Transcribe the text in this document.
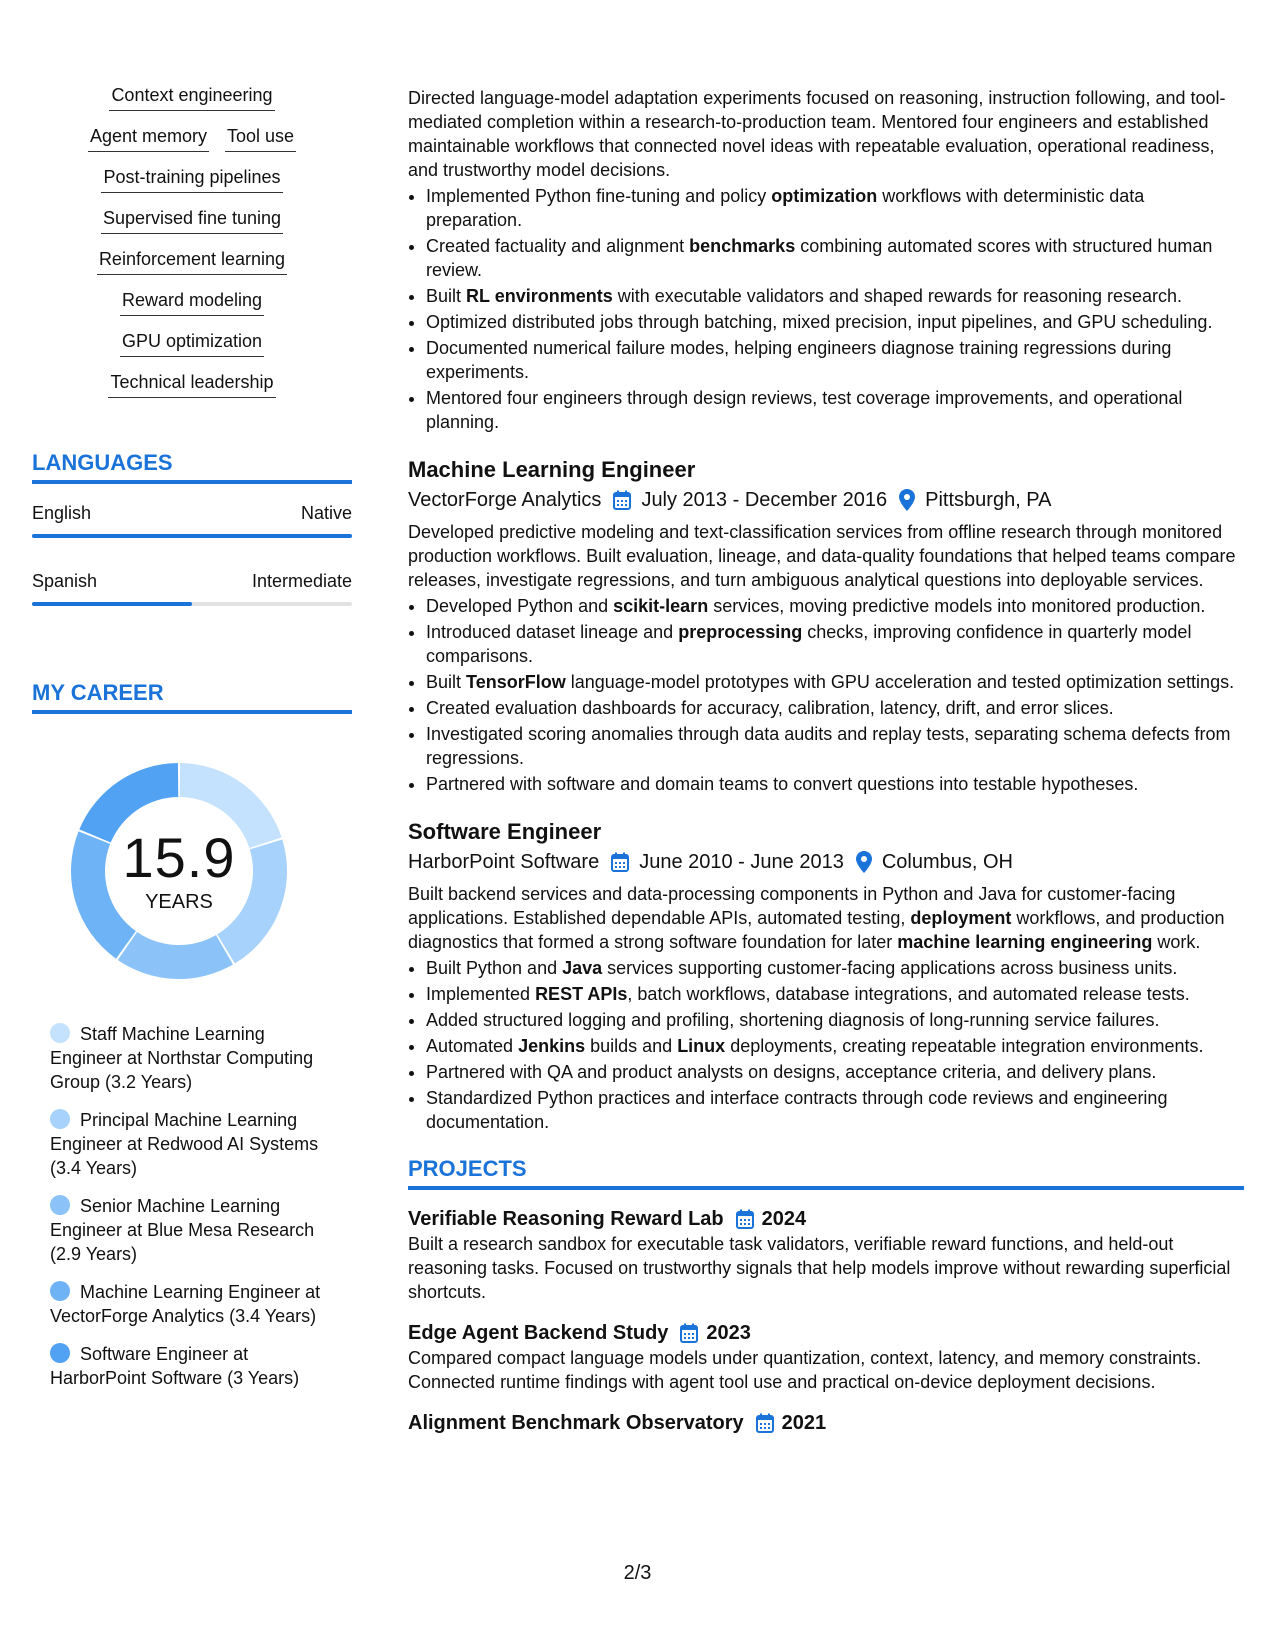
Context engineering
Agent memory Tool use
Post-training pipelines
Supervised fine tuning
Reinforcement learning
Reward modeling
GPU optimization
Technical leadership
LANGUAGES
English	Native
Spanish	Intermediate
MY CAREER
15.9
YEARS
Staff Machine Learning Engineer at Northstar Computing Group (3.2 Years)
Principal Machine Learning Engineer at Redwood AI Systems (3.4 Years)
Senior Machine Learning Engineer at Blue Mesa Research (2.9 Years)
Machine Learning Engineer at VectorForge Analytics (3.4 Years)
Software Engineer at HarborPoint Software (3 Years)

Directed language-model adaptation experiments focused on reasoning, instruction following, and tool-mediated completion within a research-to-production team. Mentored four engineers and established maintainable workflows that connected novel ideas with repeatable evaluation, operational readiness, and trustworthy model decisions.

• Implemented Python fine-tuning and policy optimization workflows with deterministic data preparation.
• Created factuality and alignment benchmarks combining automated scores with structured human review.
• Built RL environments with executable validators and shaped rewards for reasoning research.
• Optimized distributed jobs through batching, mixed precision, input pipelines, and GPU scheduling.
• Documented numerical failure modes, helping engineers diagnose training regressions during experiments.
• Mentored four engineers through design reviews, test coverage improvements, and operational planning.
Machine Learning Engineer
VectorForge Analytics July 2013 - December 2016 Pittsburgh, PA

Developed predictive modeling and text-classification services from offline research through monitored production workflows. Built evaluation, lineage, and data-quality foundations that helped teams compare releases, investigate regressions, and turn ambiguous analytical questions into deployable services.

• Developed Python and scikit-learn services, moving predictive models into monitored production.
• Introduced dataset lineage and preprocessing checks, improving confidence in quarterly model comparisons.
• Built TensorFlow language-model prototypes with GPU acceleration and tested optimization settings.
• Created evaluation dashboards for accuracy, calibration, latency, drift, and error slices.
• Investigated scoring anomalies through data audits and replay tests, separating schema defects from regressions.
• Partnered with software and domain teams to convert questions into testable hypotheses.
Software Engineer
HarborPoint Software June 2010 - June 2013 Columbus, OH

Built backend services and data-processing components in Python and Java for customer-facing applications. Established dependable APIs, automated testing, deployment workflows, and production diagnostics that formed a strong software foundation for later machine learning engineering work.

• Built Python and Java services supporting customer-facing applications across business units.
• Implemented REST APIs, batch workflows, database integrations, and automated release tests.
• Added structured logging and profiling, shortening diagnosis of long-running service failures.
• Automated Jenkins builds and Linux deployments, creating repeatable integration environments.
• Partnered with QA and product analysts on designs, acceptance criteria, and delivery plans.
• Standardized Python practices and interface contracts through code reviews and engineering documentation.
PROJECTS
Verifiable Reasoning Reward Lab 2024

Built a research sandbox for executable task validators, verifiable reward functions, and held-out reasoning tasks. Focused on trustworthy signals that help models improve without rewarding superficial shortcuts.

Edge Agent Backend Study 2023

Compared compact language models under quantization, context, latency, and memory constraints. Connected runtime findings with agent tool use and practical on-device deployment decisions.

Alignment Benchmark Observatory 2021
2/3
